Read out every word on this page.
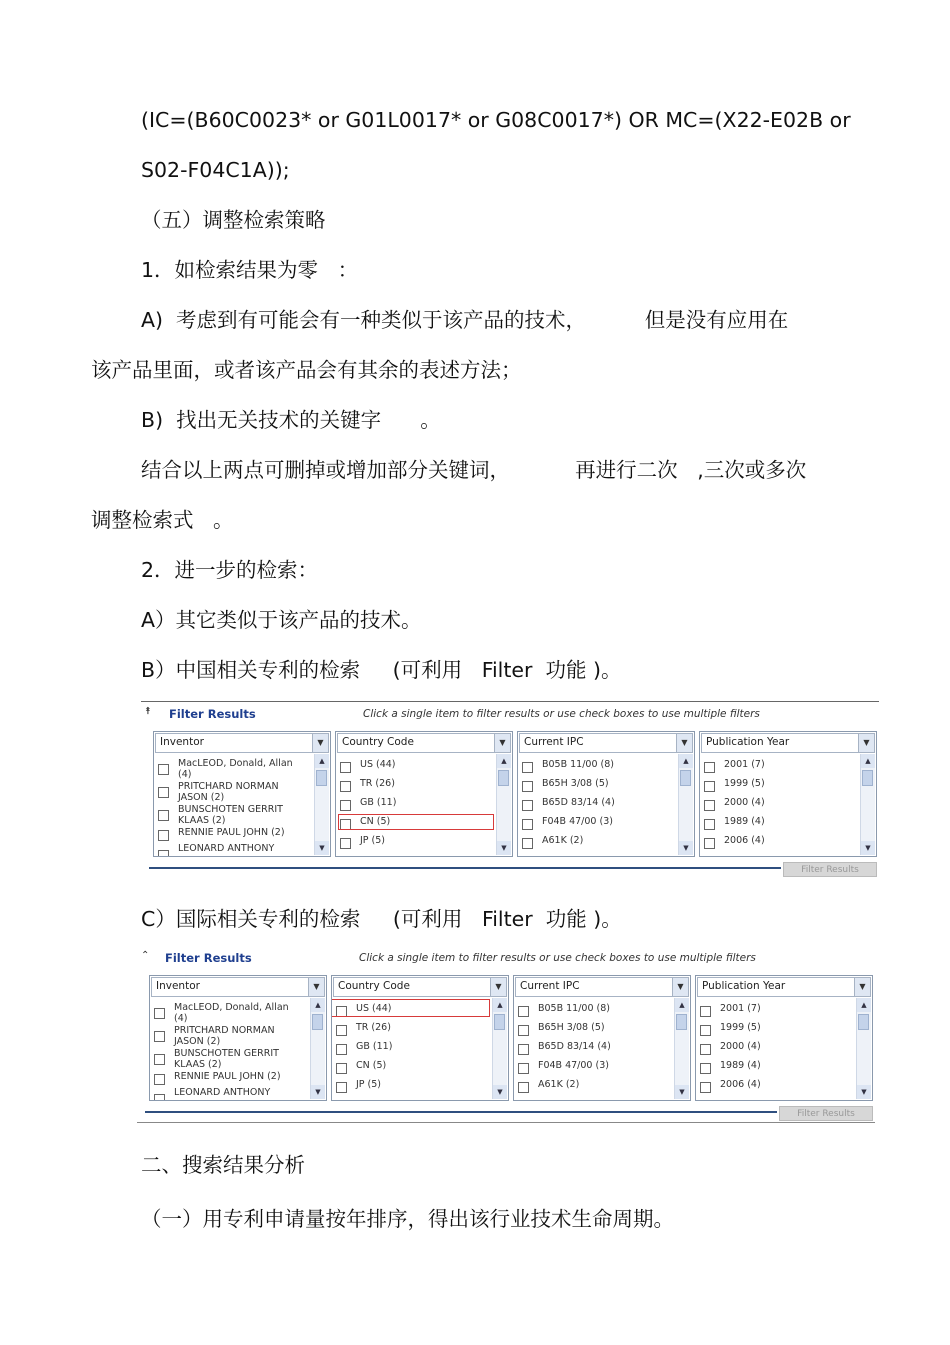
(IC=(B60C0023* or G01L0017* or G08C0017*) OR MC=(X22-E02B or
S02-F04C1A));
（五）调整检索策略
1．如检索结果为零   ：
A)  考虑到有可能会有一种类似于该产品的技术，         但是没有应用在
该产品里面，或者该产品会有其余的表述方法；
B)  找出无关技术的关键字      。
结合以上两点可删掉或增加部分关键词，          再进行二次   ,三次或多次
调整检索式   。
2．进一步的检索：
A）其它类似于该产品的技术。
B）中国相关专利的检索     (可利用   Filter  功能 )。
⯭ Filter Results	Click a single item to filter results or use check boxes to use multiple filters
Inventor	▼
MacLEOD, Donald, Allan
(4)
PRITCHARD NORMAN
JASON (2)
BUNSCHOTEN GERRIT
KLAAS (2)
RENNIE PAUL JOHN (2)
LEONARD ANTHONY
▲
▼
Country Code	▼
US (44)
TR (26)
GB (11)
CN (5)
JP (5)
▲
▼
Current IPC	▼
B05B 11/00 (8)
B65H 3/08 (5)
B65D 83/14 (4)
F04B 47/00 (3)
A61K (2)
▲
▼
Publication Year	▼
2001 (7)
1999 (5)
2000 (4)
1989 (4)
2006 (4)
▲
▼
Filter Results
C）国际相关专利的检索     (可利用   Filter  功能 )。
⌃ Filter Results	Click a single item to filter results or use check boxes to use multiple filters
Inventor	▼
MacLEOD, Donald, Allan
(4)
PRITCHARD NORMAN
JASON (2)
BUNSCHOTEN GERRIT
KLAAS (2)
RENNIE PAUL JOHN (2)
LEONARD ANTHONY
▲
▼
Country Code	▼
US (44)
TR (26)
GB (11)
CN (5)
JP (5)
▲
▼
Current IPC	▼
B05B 11/00 (8)
B65H 3/08 (5)
B65D 83/14 (4)
F04B 47/00 (3)
A61K (2)
▲
▼
Publication Year	▼
2001 (7)
1999 (5)
2000 (4)
1989 (4)
2006 (4)
▲
▼
Filter Results
二、搜索结果分析
（一）用专利申请量按年排序，得出该行业技术生命周期。
